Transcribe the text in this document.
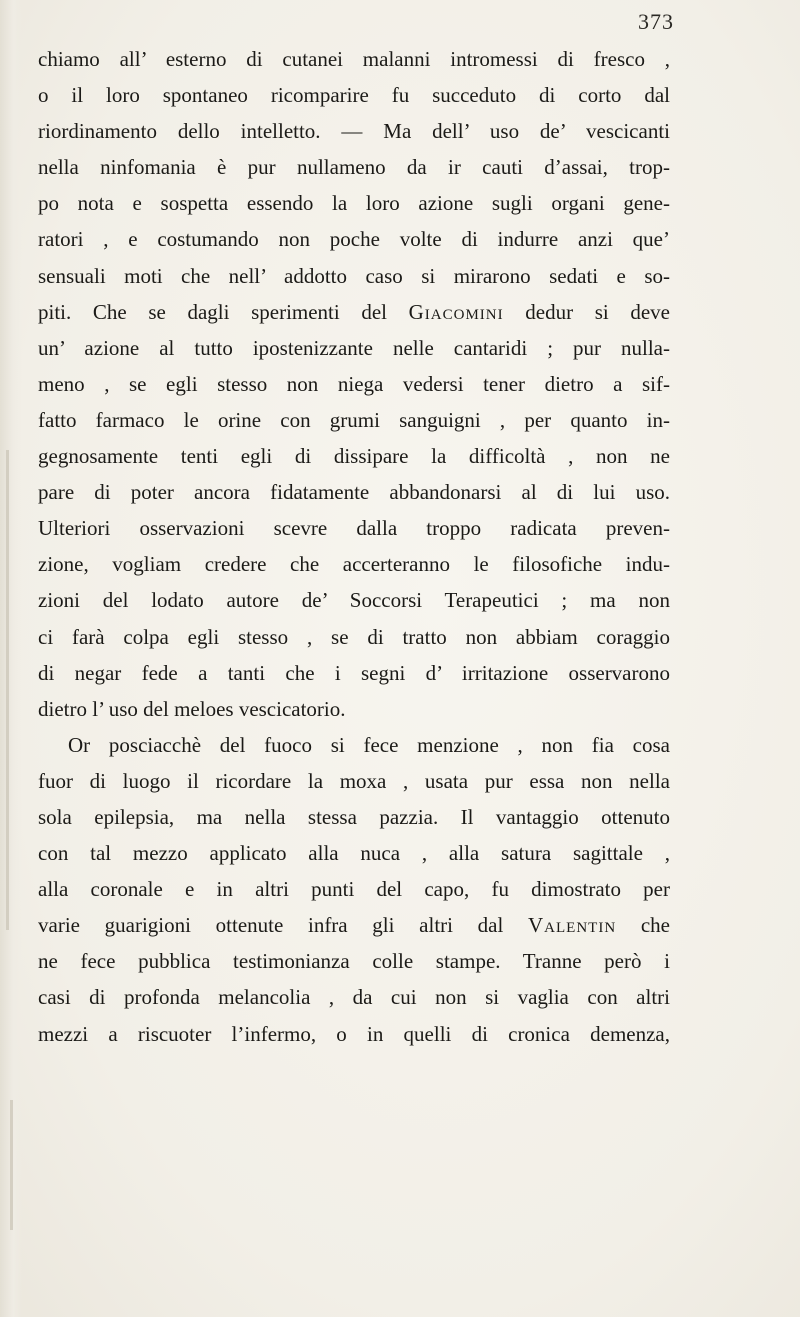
373
chiamo all’ esterno di cutanei malanni intromessi di fresco ,
o il loro spontaneo ricomparire fu succeduto di corto dal
riordinamento dello intelletto. — Ma dell’ uso de’ vescicanti
nella ninfomania è pur nullameno da ir cauti d’assai, trop-
po nota e sospetta essendo la loro azione sugli organi gene-
ratori , e costumando non poche volte di indurre anzi que’
sensuali moti che nell’ addotto caso si mirarono sedati e so-
piti. Che se dagli sperimenti del Giacomini dedur si deve
un’ azione al tutto ipostenizzante nelle cantaridi ; pur nulla-
meno , se egli stesso non niega vedersi tener dietro a sif-
fatto farmaco le orine con grumi sanguigni , per quanto in-
gegnosamente tenti egli di dissipare la difficoltà , non ne
pare di poter ancora fidatamente abbandonarsi al di lui uso.
Ulteriori osservazioni scevre dalla troppo radicata preven-
zione, vogliam credere che accerteranno le filosofiche indu-
zioni del lodato autore de’ Soccorsi Terapeutici ; ma non
ci farà colpa egli stesso , se di tratto non abbiam coraggio
di negar fede a tanti che i segni d’ irritazione osservarono
dietro l’ uso del meloes vescicatorio.
Or posciacchè del fuoco si fece menzione , non fia cosa
fuor di luogo il ricordare la moxa , usata pur essa non nella
sola epilepsia, ma nella stessa pazzia. Il vantaggio ottenuto
con tal mezzo applicato alla nuca , alla satura sagittale ,
alla coronale e in altri punti del capo, fu dimostrato per
varie guarigioni ottenute infra gli altri dal Valentin che
ne fece pubblica testimonianza colle stampe. Tranne però i
casi di profonda melancolia , da cui non si vaglia con altri
mezzi a riscuoter l’infermo, o in quelli di cronica demenza,
